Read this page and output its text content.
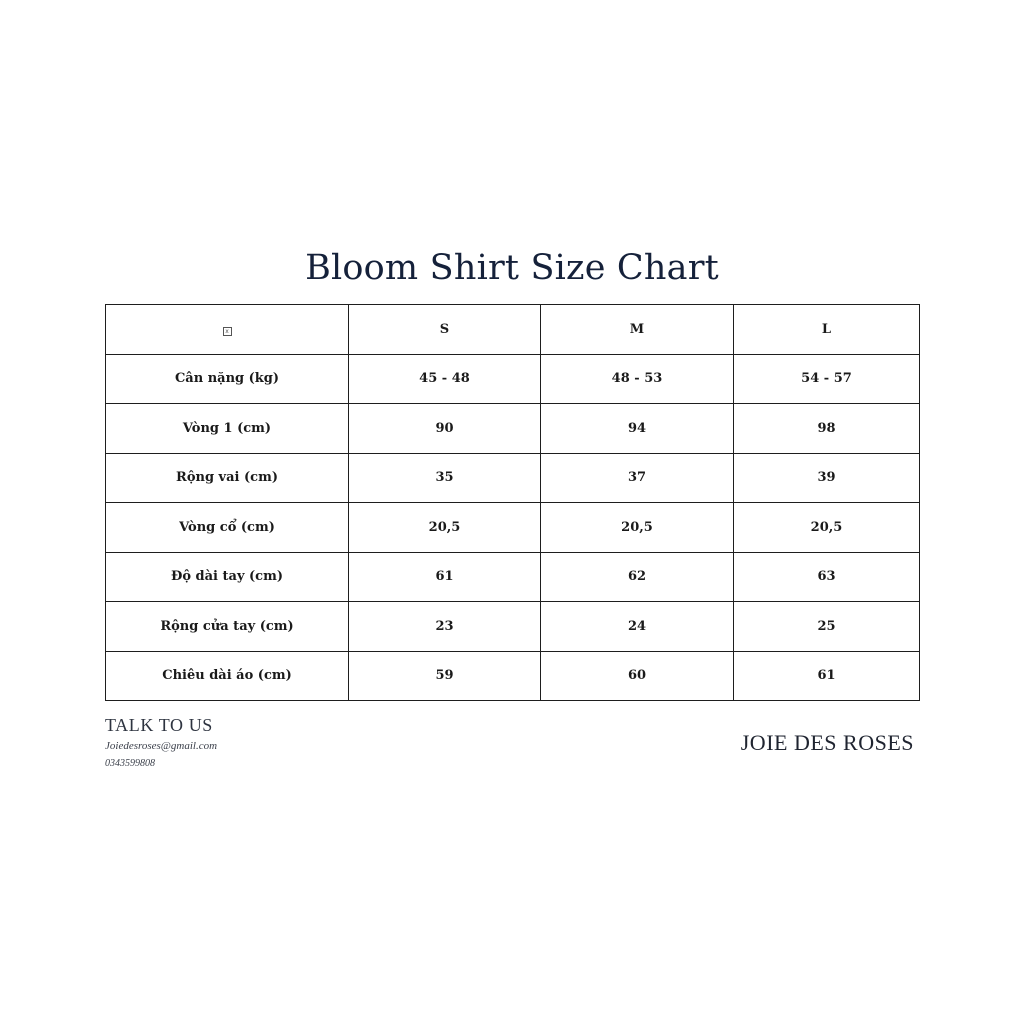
Bloom Shirt Size Chart
x	S	M	L
Cân nặng (kg)	45 - 48	48 - 53	54 - 57
Vòng 1 (cm)	90	94	98
Rộng vai (cm)	35	37	39
Vòng cổ (cm)	20,5	20,5	20,5
Độ dài tay (cm)	61	62	63
Rộng cửa tay (cm)	23	24	25
Chiêu dài áo (cm)	59	60	61
TALK TO US
Joiedesroses@gmail.com
0343599808
JOIE DES ROSES
